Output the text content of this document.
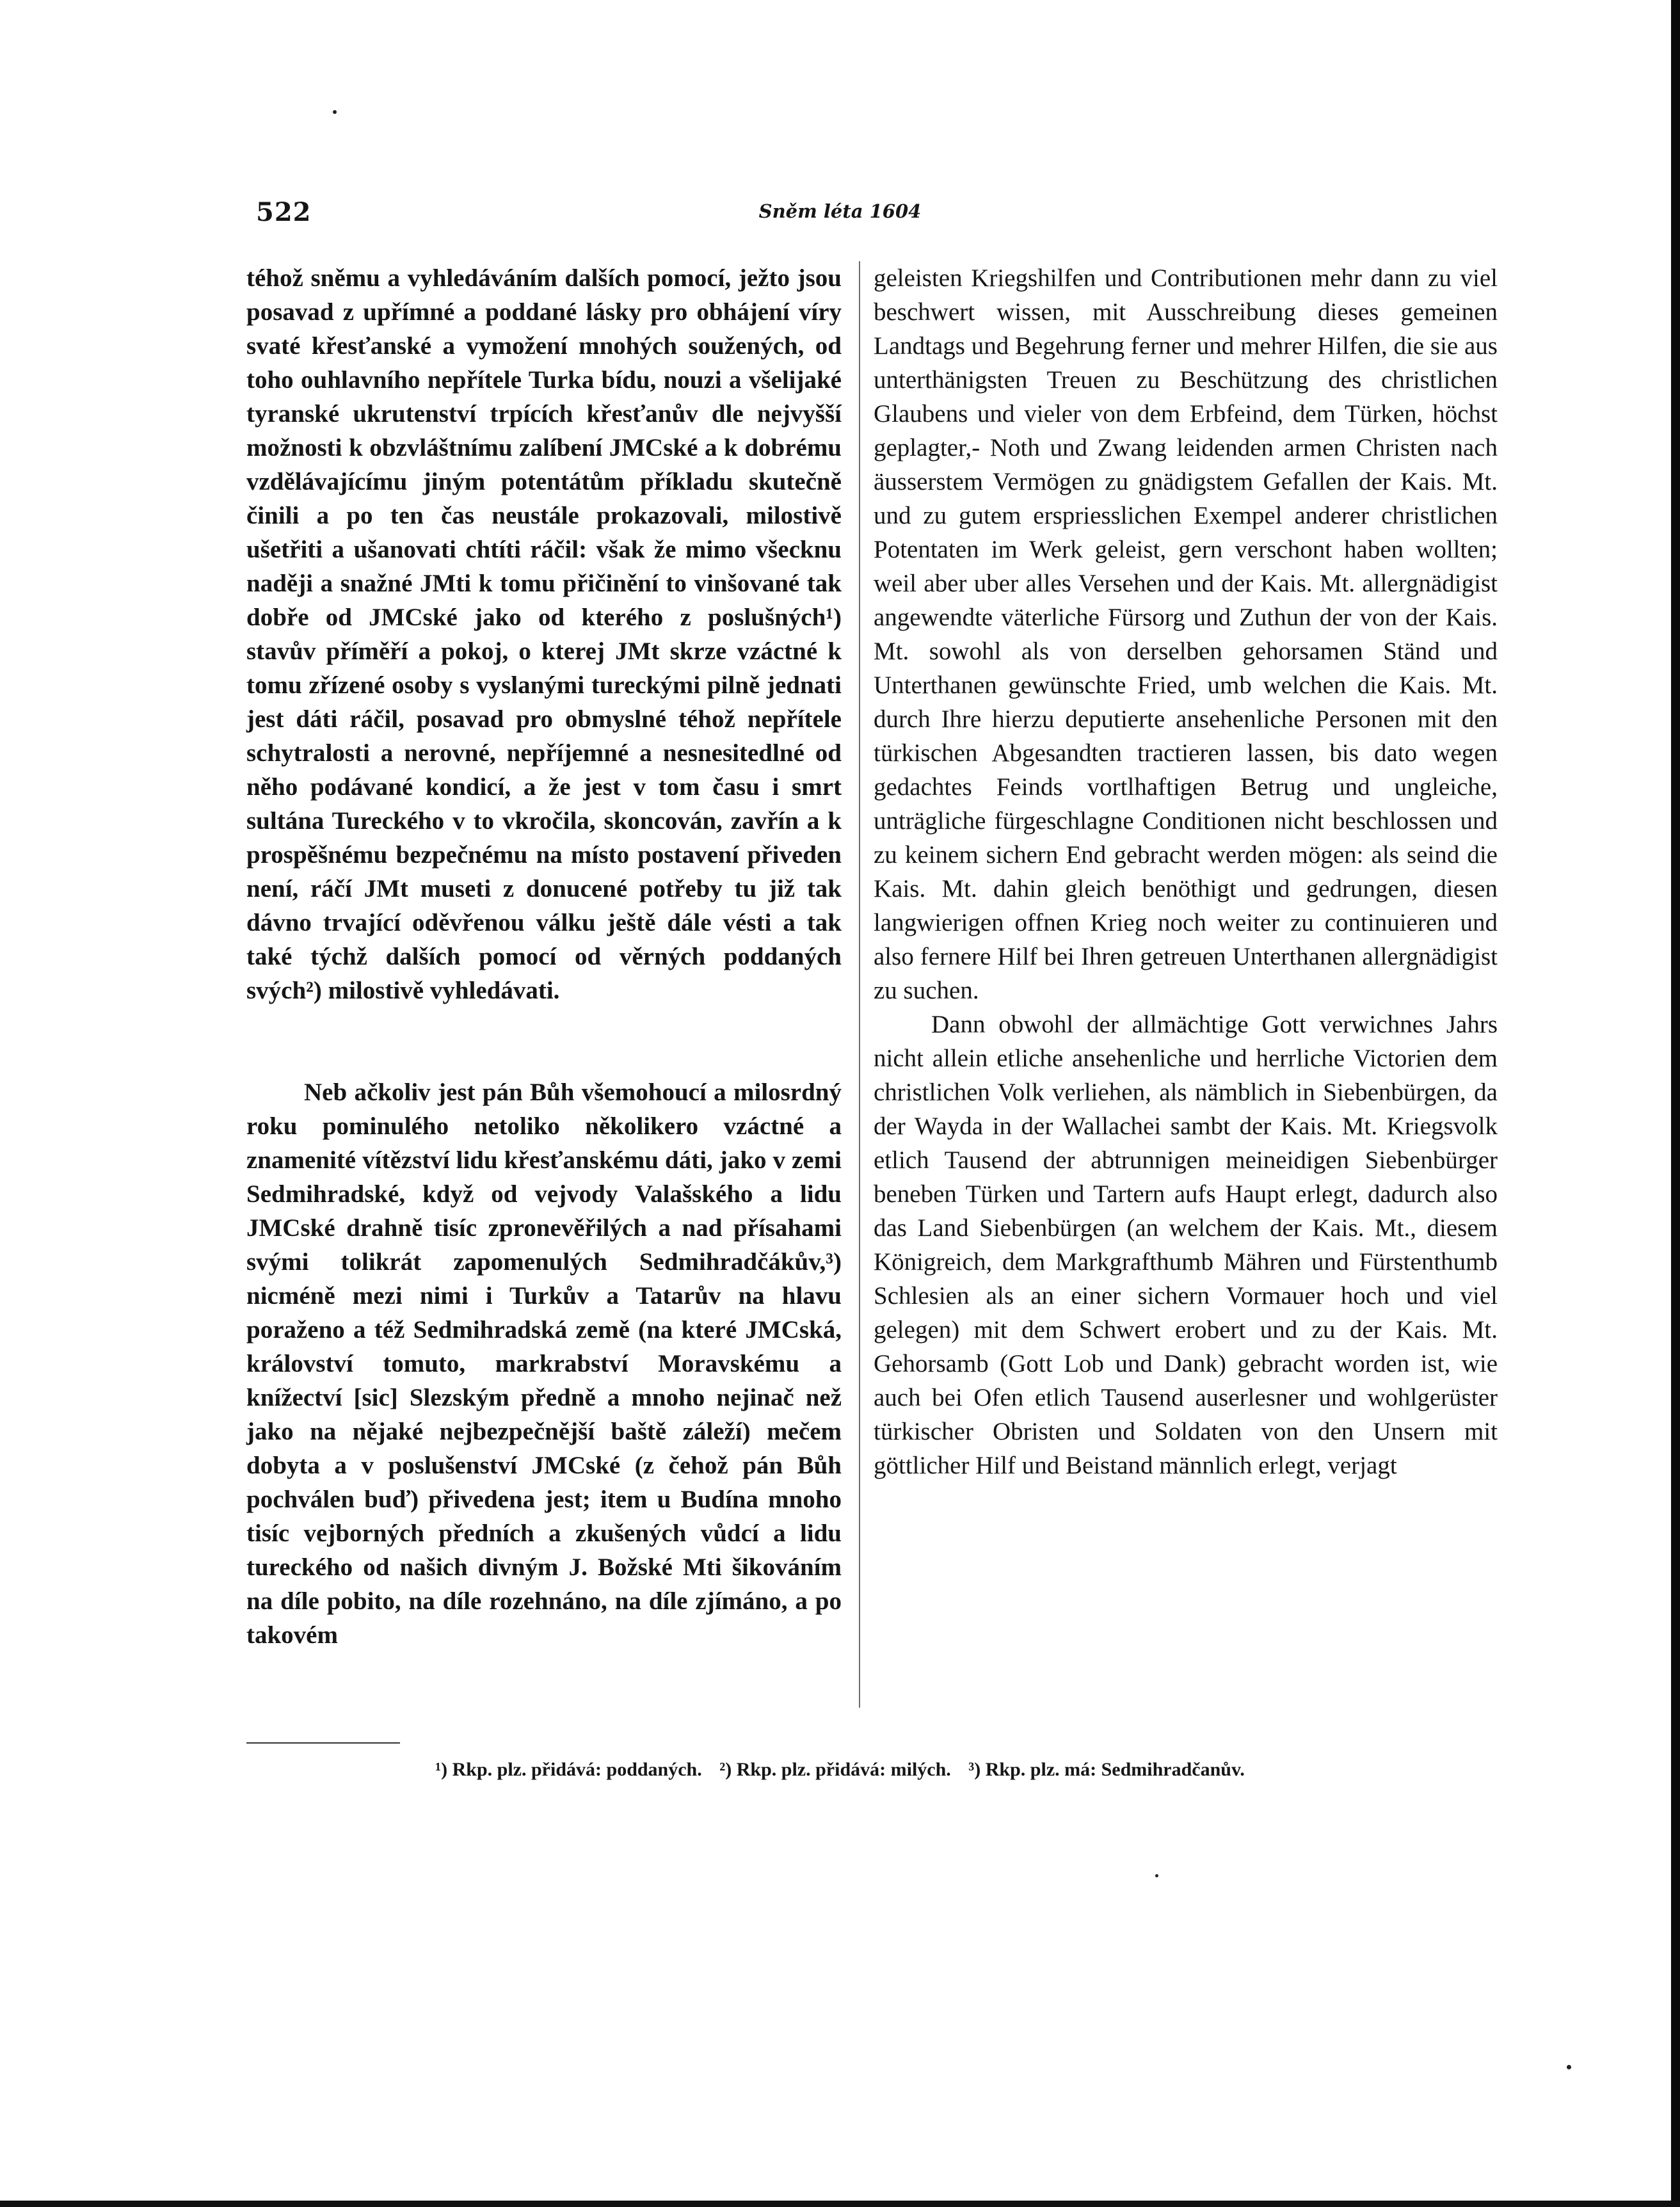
522	Sněm léta 1604

téhož sněmu a vyhledáváním dalších pomocí, ježto jsou posavad z upřímné a poddané lásky pro obhájení víry svaté křesťanské a vymožení mnohých soužených, od toho ouhlavního nepřítele Turka bídu, nouzi a všelijaké tyranské ukrutenství trpících křesťanův dle nejvyšší možnosti k obzvláštnímu zalíbení JMCské a k dobrému vzdělávajícímu jiným potentátům příkladu skutečně činili a po ten čas neustále prokazovali, milostivě ušetřiti a ušanovati chtíti ráčil: však že mimo všecknu naději a snažné JMti k tomu přičinění to vinšované tak dobře od JMCské jako od kterého z poslušných¹) stavův příměří a pokoj, o kterej JMt skrze vzáctné k tomu zřízené osoby s vyslanými tureckými pilně jednati jest dáti ráčil, posavad pro obmyslné téhož nepřítele schytralosti a nerovné, nepříjemné a nesnesitedlné od něho podávané kondicí, a že jest v tom času i smrt sultána Tureckého v to vkročila, skoncován, zavřín a k prospěšnému bezpečnému na místo postavení přiveden není, ráčí JMt museti z donucené potřeby tu již tak dávno trvající oděvřenou válku ještě dále vésti a tak také týchž dalších pomocí od věrných poddaných svých²) milostivě vyhledávati.

Neb ačkoliv jest pán Bůh všemohoucí a milosrdný roku pominulého netoliko několikero vzáctné a znamenité vítězství lidu křesťanskému dáti, jako v zemi Sedmihradské, když od vejvody Valašského a lidu JMCské drahně tisíc zpronevěřilých a nad přísahami svými tolikrát zapomenulých Sedmihradčákův,³) nicméně mezi nimi i Turkův a Tatarův na hlavu poraženo a též Sedmihradská země (na které JMCská, království tomuto, markrabství Moravskému a knížectví [sic] Slezským předně a mnoho nejinač než jako na nějaké nejbezpečnější baště záleží) mečem dobyta a v poslušenství JMCské (z čehož pán Bůh pochválen buď) přivedena jest; item u Budína mnoho tisíc vejborných předních a zkušených vůdcí a lidu tureckého od našich divným J. Božské Mti šikováním na díle pobito, na díle rozehnáno, na díle zjímáno, a po takovém

geleisten Kriegshilfen und Contributionen mehr dann zu viel beschwert wissen, mit Ausschreibung dieses gemeinen Landtags und Begehrung ferner und mehrer Hilfen, die sie aus unterthänigsten Treuen zu Beschützung des christlichen Glaubens und vieler von dem Erbfeind, dem Türken, höchst geplagter,- Noth und Zwang leidenden armen Christen nach äusserstem Vermögen zu gnädigstem Gefallen der Kais. Mt. und zu gutem erspriesslichen Exempel anderer christlichen Potentaten im Werk geleist, gern verschont haben wollten; weil aber uber alles Versehen und der Kais. Mt. allergnädigist angewendte väterliche Fürsorg und Zuthun der von der Kais. Mt. sowohl als von derselben gehorsamen Ständ und Unterthanen gewünschte Fried, umb welchen die Kais. Mt. durch Ihre hierzu deputierte ansehenliche Personen mit den türkischen Abgesandten tractieren lassen, bis dato wegen gedachtes Feinds vortlhaftigen Betrug und ungleiche, unträgliche fürgeschlagne Conditionen nicht beschlossen und zu keinem sichern End gebracht werden mögen: als seind die Kais. Mt. dahin gleich benöthigt und gedrungen, diesen langwierigen offnen Krieg noch weiter zu continuieren und also fernere Hilf bei Ihren getreuen Unterthanen allergnädigist zu suchen.

Dann obwohl der allmächtige Gott verwichnes Jahrs nicht allein etliche ansehenliche und herrliche Victorien dem christlichen Volk verliehen, als nämblich in Siebenbürgen, da der Wayda in der Wallachei sambt der Kais. Mt. Kriegsvolk etlich Tausend der abtrunnigen meineidigen Siebenbürger beneben Türken und Tartern aufs Haupt erlegt, dadurch also das Land Siebenbürgen (an welchem der Kais. Mt., diesem Königreich, dem Markgrafthumb Mähren und Fürstenthumb Schlesien als an einer sichern Vormauer hoch und viel gelegen) mit dem Schwert erobert und zu der Kais. Mt. Gehorsamb (Gott Lob und Dank) gebracht worden ist, wie auch bei Ofen etlich Tausend auserlesner und wohlgerüster türkischer Obristen und Soldaten von den Unsern mit göttlicher Hilf und Beistand männlich erlegt, verjagt

¹) Rkp. plz. přidává: poddaných. ²) Rkp. plz. přidává: milých. ³) Rkp. plz. má: Sedmihradčanův.
